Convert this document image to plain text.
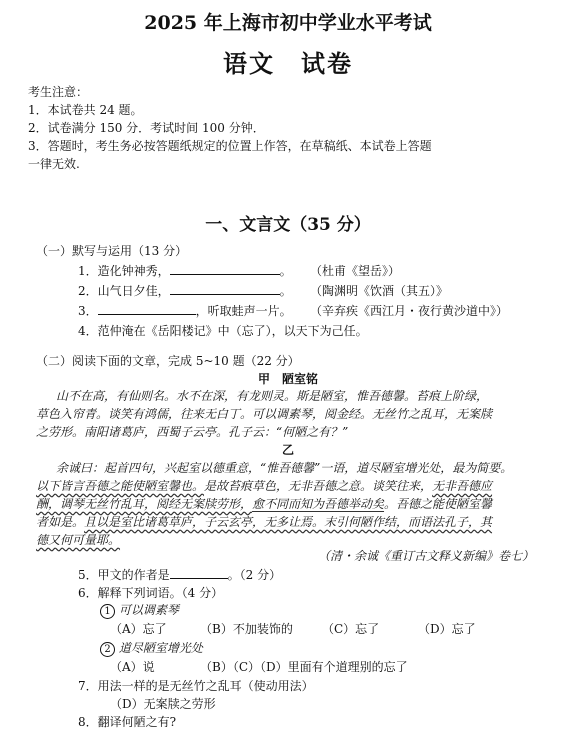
2025 年上海市初中学业水平考试
语文　试卷
考生注意：
1．本试卷共 24 题。
2．试卷满分 150 分．考试时间 100 分钟．
3．答题时，考生务必按答题纸规定的位置上作答，在草稿纸、本试卷上答题
一律无效.
一、文言文（35 分）
（一）默写与运用（13 分）
1．造化钟神秀，	。 （杜甫《望岳》）
2．山气日夕佳，	。 （陶渊明《饮酒（其五）》
3．	，听取蛙声一片。 （辛弃疾《西江月・夜行黄沙道中》）
4．范仲淹在《岳阳楼记》中（忘了），以天下为己任。
（二）阅读下面的文章，完成 5~10 题（22 分）
甲　陋室铭
山不在高，有仙则名。水不在深，有龙则灵。斯是陋室，惟吾德馨。苔痕上阶绿，
草色入帘青。谈笑有鸿儒，往来无白丁。可以调素琴，阅金经。无丝竹之乱耳，无案牍
之劳形。南阳诸葛庐，西蜀子云亭。孔子云：“何陋之有？”
乙
余诚曰：起首四句，兴起室以德重意，“惟吾德馨”一语，道尽陋室增光处，最为简要。
以下皆言吾德之能使陋室馨也。是故苔痕草色，无非吾德之意。谈笑往来，无非吾德应
酬，调琴无丝竹乱耳，阅经无案牍劳形，愈不同而知为吾德举动矣。吾德之能使陋室馨
者如是。且以是室比诸葛草庐，子云玄亭，无多让焉。末引何陋作结，而语法孔子，其
德又何可量耶。
（清・余诚《重订古文释义新编》卷七）
5．甲文的作者是	。（2 分）
6．解释下列词语。（4 分）
1 可以调素琴
（A）忘了	（B）不加装饰的 （C）忘了	（D）忘了
2 道尽陋室增光处
（A）说	（B）（C）（D）里面有个道理别的忘了
7．用法一样的是无丝竹之乱耳（使动用法）
（D）无案牍之劳形
8．翻译何陋之有?
